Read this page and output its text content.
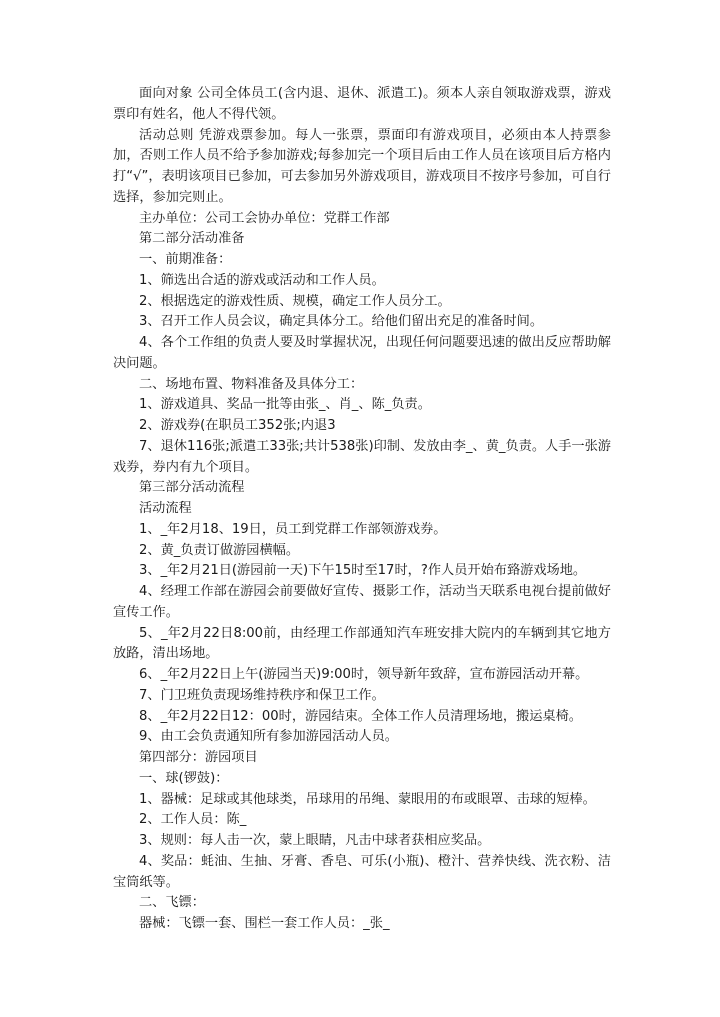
面向对象 公司全体员工(含内退、退休、派遣工)。须本人亲自领取游戏票，游戏票印有姓名，他人不得代领。

活动总则 凭游戏票参加。每人一张票，票面印有游戏项目，必须由本人持票参加，否则工作人员不给予参加游戏;每参加完一个项目后由工作人员在该项目后方格内打“√”，表明该项目已参加，可去参加另外游戏项目，游戏项目不按序号参加，可自行选择，参加完则止。

主办单位：公司工会协办单位：党群工作部

第二部分活动准备

一、前期准备：

1、筛选出合适的游戏或活动和工作人员。

2、根据选定的游戏性质、规模，确定工作人员分工。

3、召开工作人员会议，确定具体分工。给他们留出充足的准备时间。

4、各个工作组的负责人要及时掌握状况，出现任何问题要迅速的做出反应帮助解决问题。

二、场地布置、物料准备及具体分工：

1、游戏道具、奖品一批等由张_、肖_、陈_负责。

2、游戏券(在职员工352张;内退3

7、退休116张;派遣工33张;共计538张)印制、发放由李_、黄_负责。人手一张游戏券，券内有九个项目。

第三部分活动流程

活动流程

1、_年2月18、19日，员工到党群工作部领游戏券。

2、黄_负责订做游园横幅。

3、_年2月21日(游园前一天)下午15时至17时，?作人员开始布臵游戏场地。

4、经理工作部在游园会前要做好宣传、摄影工作，活动当天联系电视台提前做好宣传工作。

5、_年2月22日8:00前，由经理工作部通知汽车班安排大院内的车辆到其它地方放路，清出场地。

6、_年2月22日上午(游园当天)9:00时，领导新年致辞，宣布游园活动开幕。

7、门卫班负责现场维持秩序和保卫工作。

8、_年2月22日12：00时，游园结束。全体工作人员清理场地，搬运桌椅。

9、由工会负责通知所有参加游园活动人员。

第四部分：游园项目

一、球(锣鼓)：

1、器械：足球或其他球类，吊球用的吊绳、蒙眼用的布或眼罩、击球的短棒。

2、工作人员：陈_

3、规则：每人击一次，蒙上眼睛，凡击中球者获相应奖品。

4、奖品：蚝油、生抽、牙膏、香皂、可乐(小瓶)、橙汁、营养快线、洗衣粉、洁宝筒纸等。

二、飞镖：

器械：飞镖一套、围栏一套工作人员：_张_
